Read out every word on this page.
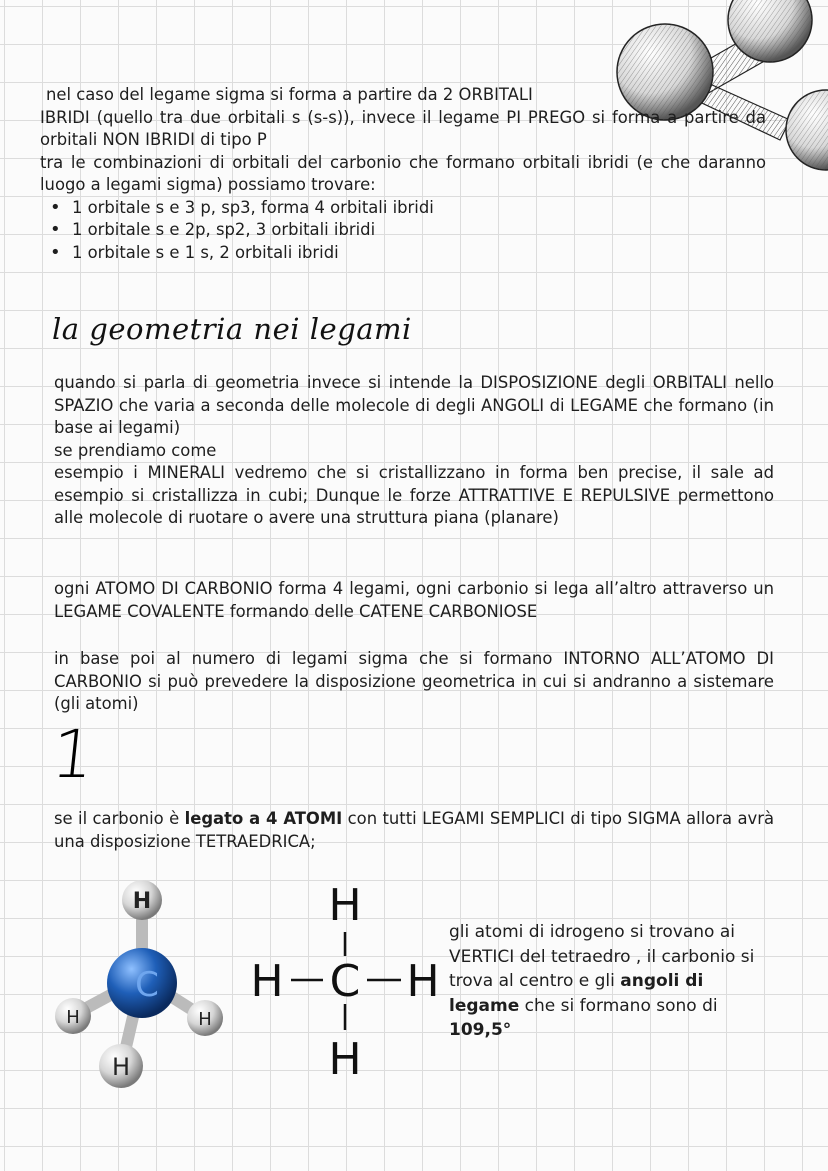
nel caso del legame sigma si forma a partire da 2 ORBITALI

IBRIDI (quello tra due orbitali s (s-s)), invece il legame PI PREGO si forma a partire da orbitali NON IBRIDI di tipo P

tra le combinazioni di orbitali del carbonio che formano orbitali ibridi (e che daranno luogo a legami sigma) possiamo trovare:

• 1 orbitale s e 3 p, sp3, forma 4 orbitali ibridi
• 1 orbitale s e 2p, sp2, 3 orbitali ibridi
• 1 orbitale s e 1 s, 2 orbitali ibridi
la geometria nei legami

quando si parla di geometria invece si intende la DISPOSIZIONE degli ORBITALI nello SPAZIO che varia a seconda delle molecole di degli ANGOLI di LEGAME che formano (in base ai legami)

se prendiamo come

esempio i MINERALI vedremo che si cristallizzano in forma ben precise, il sale ad esempio si cristallizza in cubi; Dunque le forze ATTRATTIVE E REPULSIVE permettono alle molecole di ruotare o avere una struttura piana (planare)

ogni ATOMO DI CARBONIO forma 4 legami, ogni carbonio si lega all’altro attraverso un LEGAME COVALENTE formando delle CATENE CARBONIOSE

in base poi al numero di legami sigma che si formano INTORNO ALL’ATOMO DI CARBONIO si può prevedere la disposizione geometrica in cui si andranno a sistemare (gli atomi)

1

se il carbonio è legato a 4 ATOMI con tutti LEGAMI SEMPLICI di tipo SIGMA allora avrà una disposizione TETRAEDRICA;

H
H	H
C
H
H
H C H
H

gli atomi di idrogeno si trovano ai VERTICI del tetraedro , il carbonio si trova al centro e gli angoli di legame che si formano sono di 109,5°
